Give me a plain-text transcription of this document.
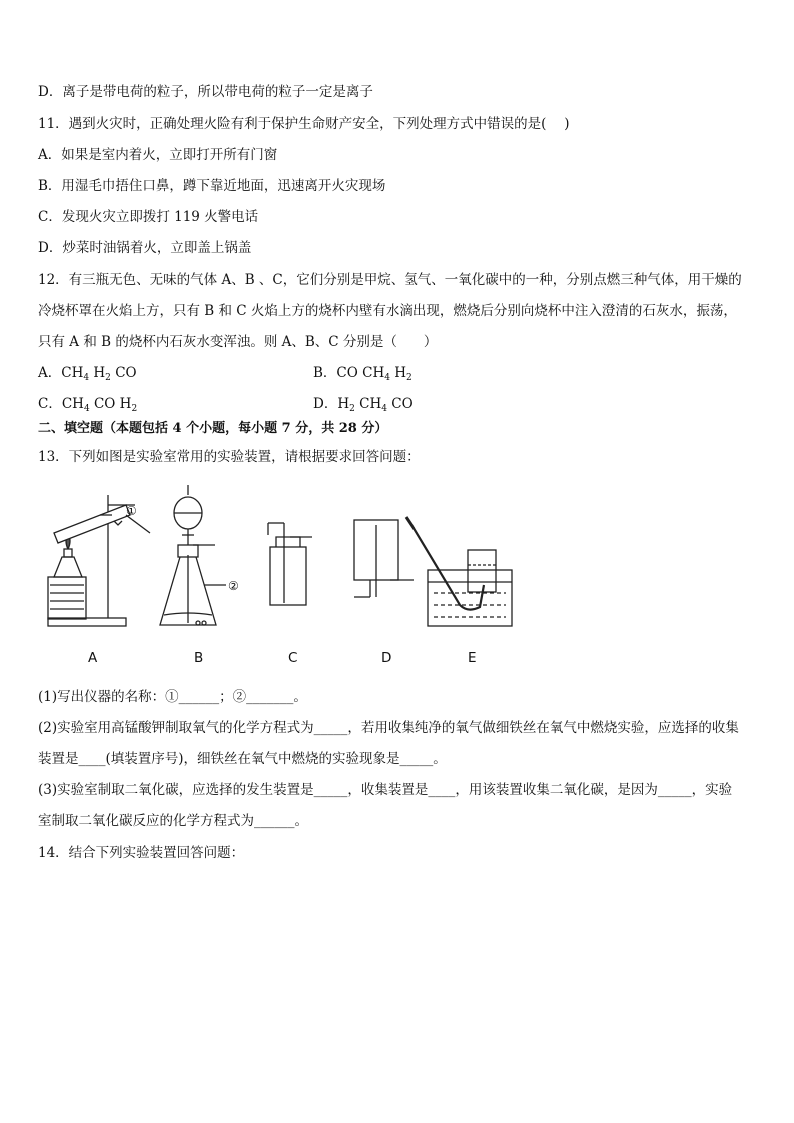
D．离子是带电荷的粒子，所以带电荷的粒子一定是离子
11．遇到火灾时，正确处理火险有利于保护生命财产安全，下列处理方式中错误的是(　 )
A．如果是室内着火，立即打开所有门窗
B．用湿毛巾捂住口鼻，蹲下靠近地面，迅速离开火灾现场
C．发现火灾立即拨打 119 火警电话
D．炒菜时油锅着火，立即盖上锅盖
12．有三瓶无色、无味的气体 A、B 、C，它们分别是甲烷、氢气、一氧化碳中的一种，分别点燃三种气体，用干燥的
冷烧杯罩在火焰上方，只有 B 和 C 火焰上方的烧杯内壁有水滴出现，燃烧后分别向烧杯中注入澄清的石灰水，振荡，
只有 A 和 B 的烧杯内石灰水变浑浊。则 A、B、C 分别是（　　）
A．$CH_4$ $H_2$ CO	B．CO $CH_4$ $H_2$
C．$CH_4$ CO $H_2$	D．$H_2$ $CH_4$ CO
二、填空题（本题包括 4 个小题，每小题 7 分，共 28 分）
13．下列如图是实验室常用的实验装置，请根据要求回答问题：
①
②
A	B	C	D	E
(1)写出仪器的名称：①______；②_______。
(2)实验室用高锰酸钾制取氧气的化学方程式为_____，若用收集纯净的氧气做细铁丝在氧气中燃烧实验，应选择的收集
装置是____(填装置序号)，细铁丝在氧气中燃烧的实验现象是_____。
(3)实验室制取二氧化碳，应选择的发生装置是_____，收集装置是____，用该装置收集二氧化碳，是因为_____，实验
室制取二氧化碳反应的化学方程式为______。
14．结合下列实验装置回答问题：
